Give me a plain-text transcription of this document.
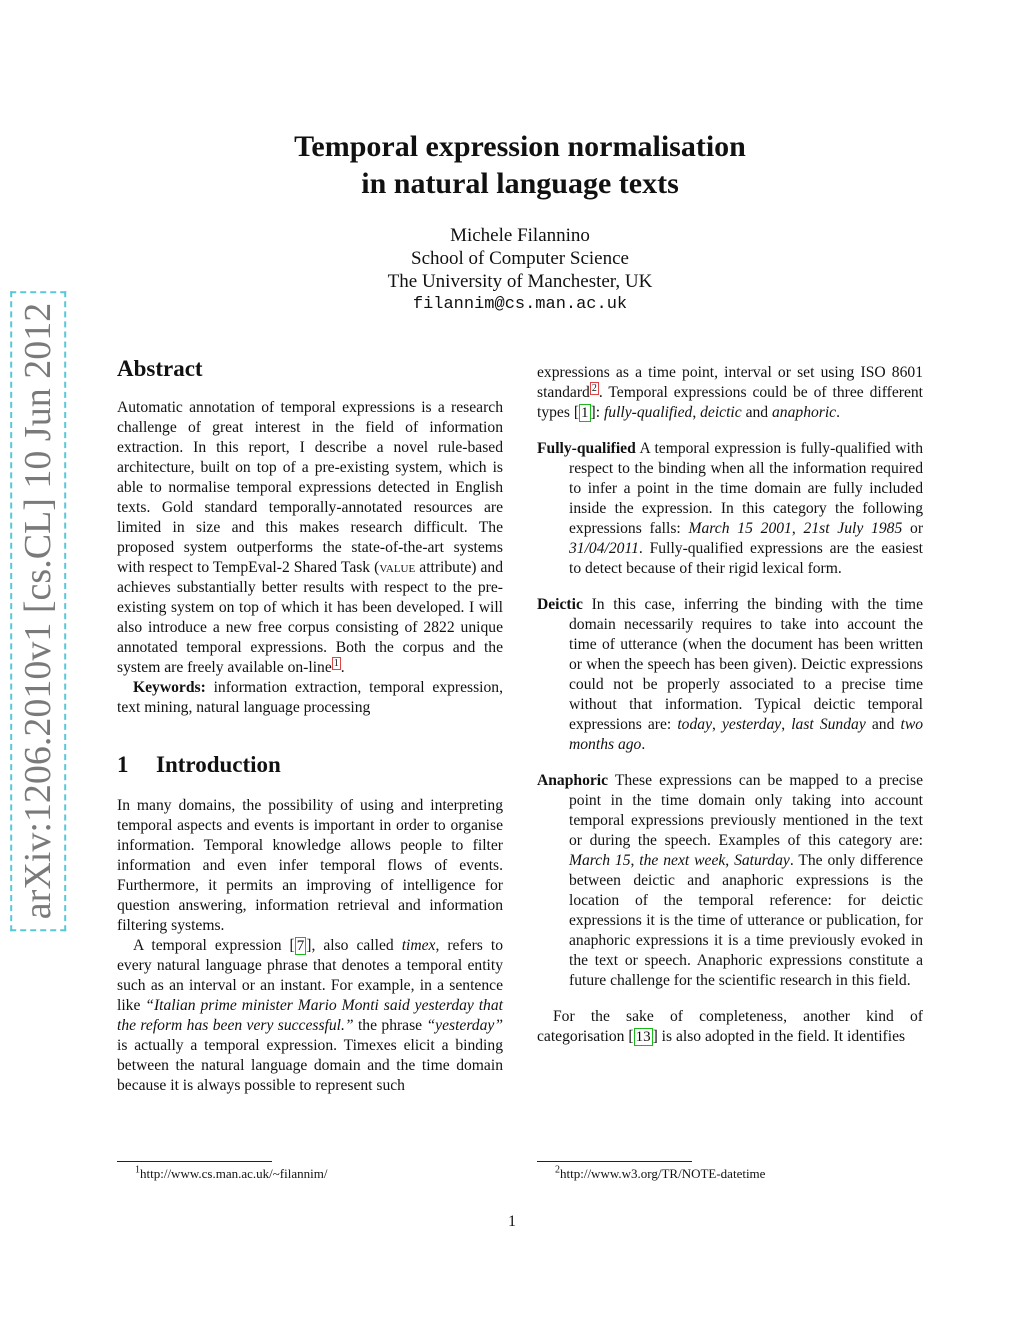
arXiv:1206.2010v1 [cs.CL] 10 Jun 2012
Temporal expression normalisation
in natural language texts
Michele Filannino
School of Computer Science
The University of Manchester, UK
filannim@cs.man.ac.uk
Abstract

Automatic annotation of temporal expressions is a research challenge of great interest in the field of information extraction. In this report, I describe a novel rule-based architecture, built on top of a pre-existing system, which is able to normalise temporal expressions detected in English texts. Gold standard temporally-annotated resources are limited in size and this makes research difficult. The proposed system outperforms the state-of-the-art systems with respect to TempEval-2 Shared Task (value attribute) and achieves substantially better results with respect to the pre-existing system on top of which it has been developed. I will also introduce a new free corpus consisting of 2822 unique annotated temporal expressions. Both the corpus and the system are freely available on-line $^1$ .

Keywords: information extraction, temporal expression, text mining, natural language processing

1 Introduction

In many domains, the possibility of using and interpreting temporal aspects and events is important in order to organise information. Temporal knowledge allows people to filter information and even infer temporal flows of events. Furthermore, it permits an improving of intelligence for question answering, information retrieval and information filtering systems.

A temporal expression [ 7 ], also called timex, refers to every natural language phrase that denotes a temporal entity such as an interval or an instant. For example, in a sentence like “Italian prime minister Mario Monti said yesterday that the reform has been very successful.” the phrase “yesterday” is actually a temporal expression. Timexes elicit a binding between the natural language domain and the time domain because it is always possible to represent such

expressions as a time point, interval or set using ISO 8601 standard $^2$ . Temporal expressions could be of three different types [ 1 ]: fully-qualified, deictic and anaphoric.

Fully-qualified A temporal expression is fully-qualified with respect to the binding when all the information required to infer a point in the time domain are fully included inside the expression. In this category the following expressions falls: March 15 2001, 21st July 1985 or 31/04/2011. Fully-qualified expressions are the easiest to detect because of their rigid lexical form.

Deictic In this case, inferring the binding with the time domain necessarily requires to take into account the time of utterance (when the document has been written or when the speech has been given). Deictic expressions could not be properly associated to a precise time without that information. Typical deictic temporal expressions are: today, yesterday, last Sunday and two months ago.

Anaphoric These expressions can be mapped to a precise point in the time domain only taking into account temporal expressions previously mentioned in the text or during the speech. Examples of this category are: March 15, the next week, Saturday. The only difference between deictic and anaphoric expressions is the location of the temporal reference: for deictic expressions it is the time of utterance or publication, for anaphoric expressions it is a time previously evoked in the text or speech. Anaphoric expressions constitute a future challenge for the scientific research in this field.

For the sake of completeness, another kind of categorisation [ 13 ] is also adopted in the field. It identifies

$^1$http://www.cs.man.ac.uk/~filannim/	$^2$http://www.w3.org/TR/NOTE-datetime
1
